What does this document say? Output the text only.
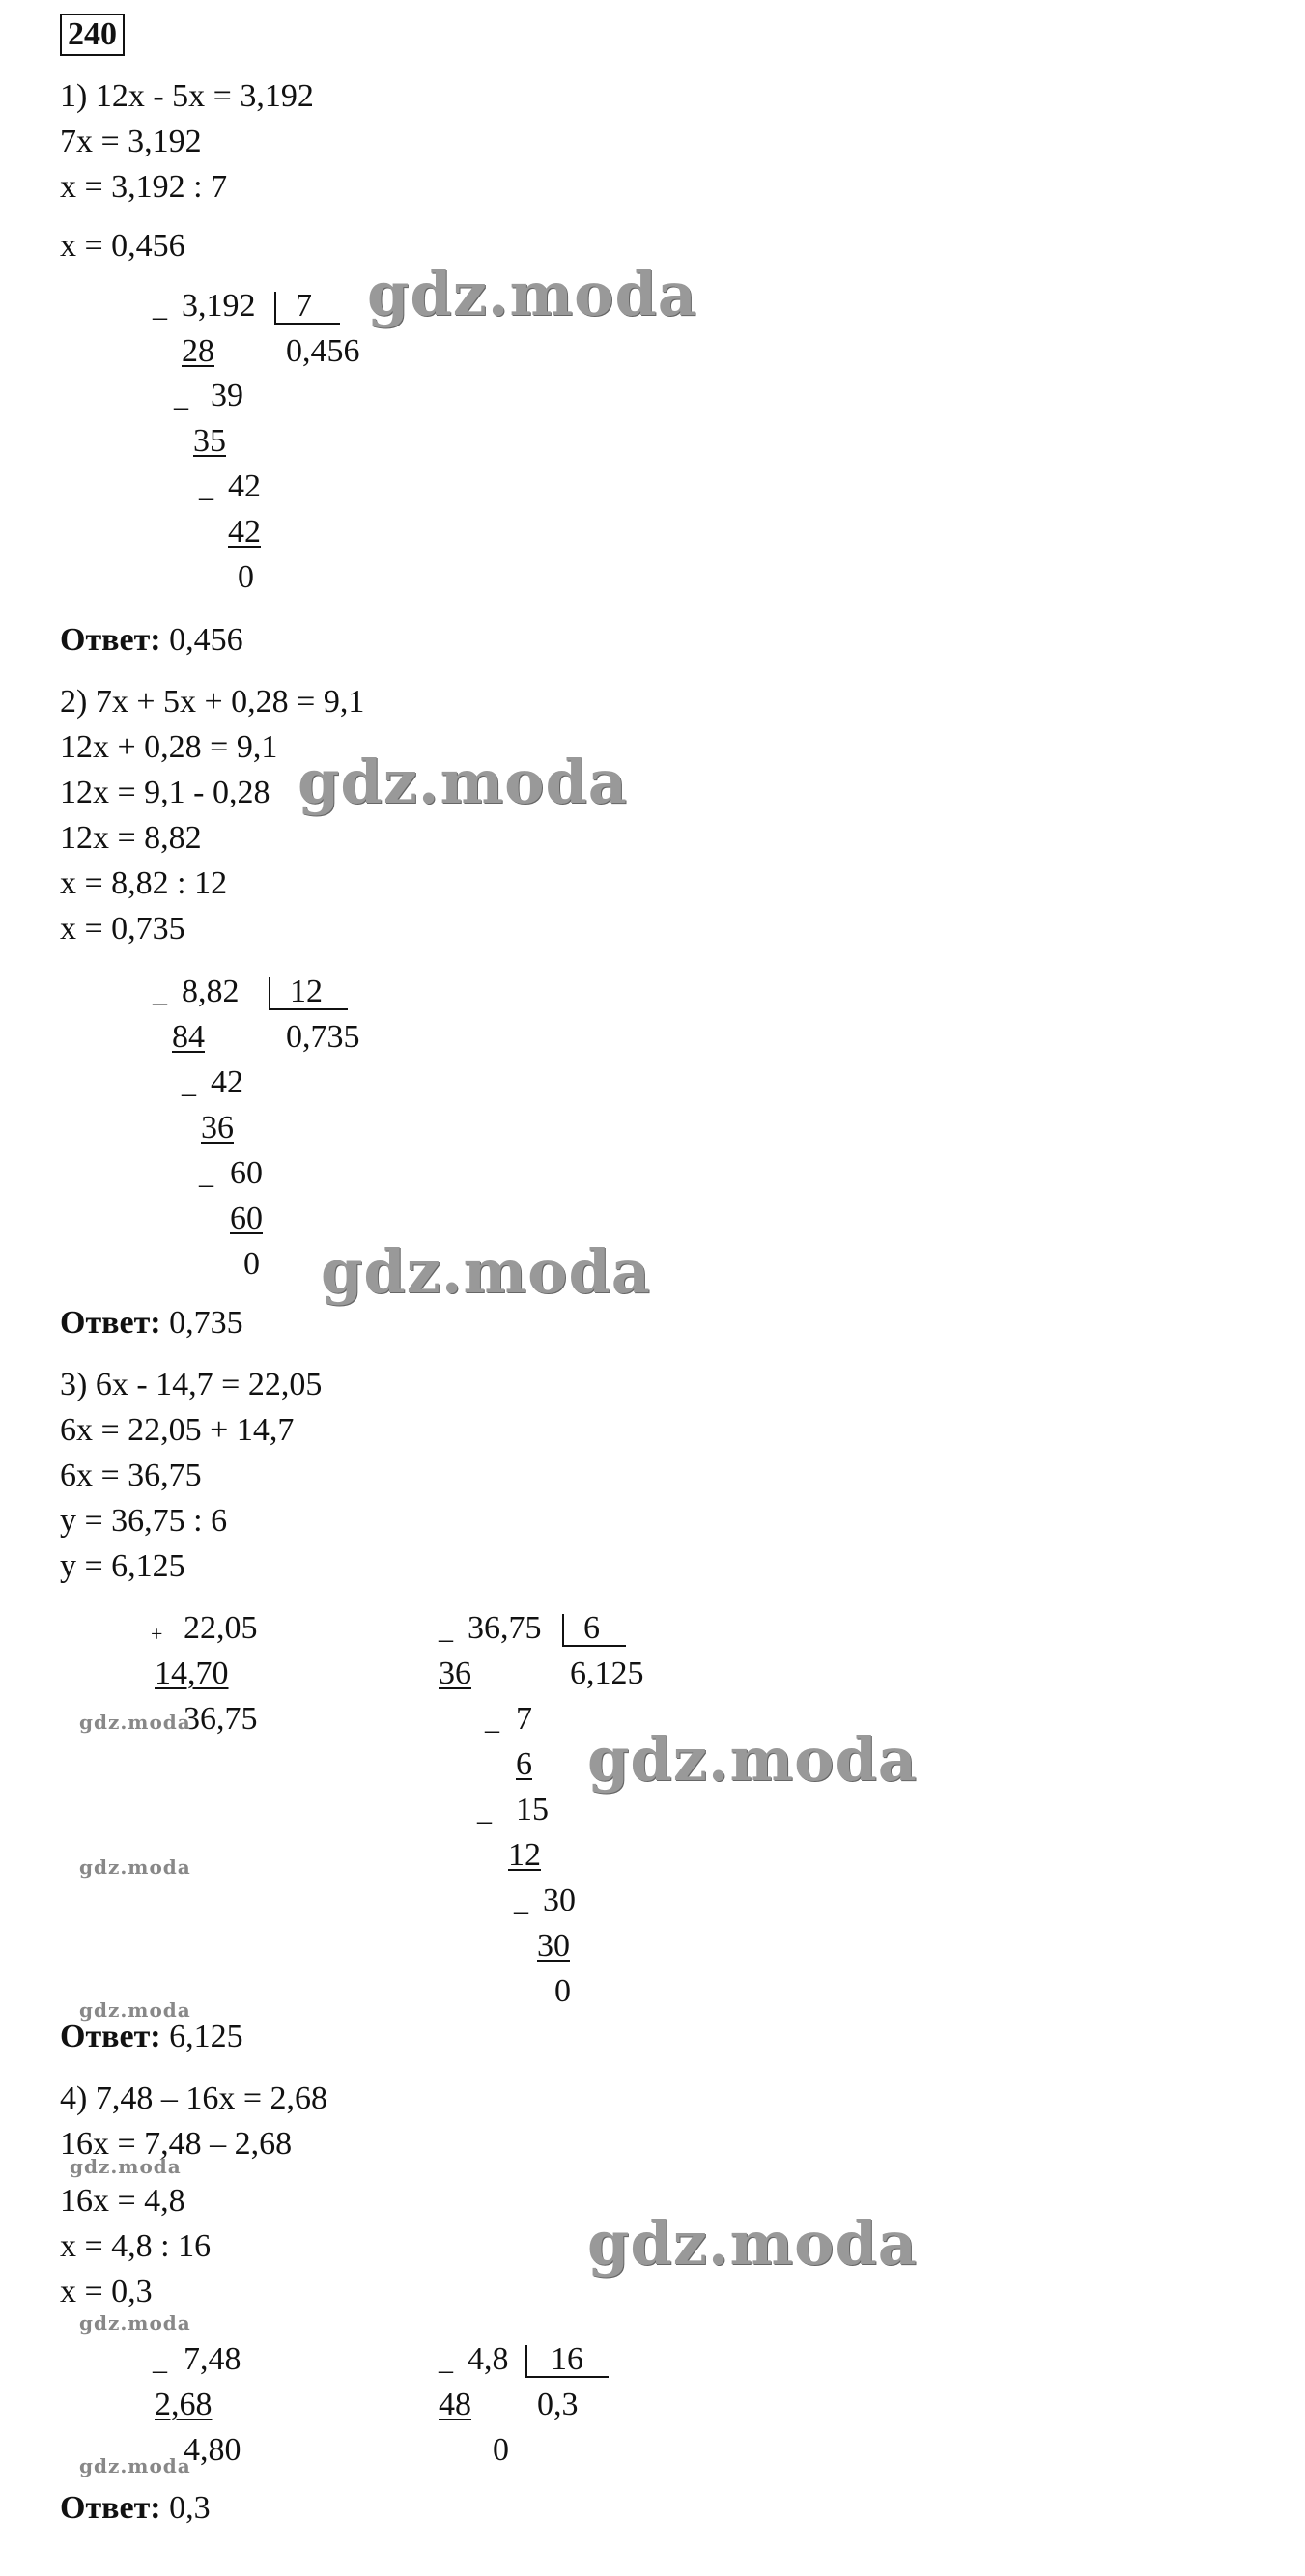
240
1) 12x - 5x = 3,192
7x = 3,192
x = 3,192 : 7
x = 0,456
_ 3,192 7
0,456
28
_ 39
35
_ 42
42
0
Ответ: 0,456
2) 7x + 5x + 0,28 = 9,1
12x + 0,28 = 9,1
12x = 9,1 - 0,28
12x = 8,82
x = 8,82 : 12
x = 0,735
_ 8,82 12
0,735
84
_ 42
36
_ 60
60
0
Ответ: 0,735
3) 6x - 14,7 = 22,05
6x = 22,05 + 14,7
6x = 36,75
y = 36,75 : 6
y = 6,125
+ 22,05
14,70
36,75
_ 36,75 6
6,125
36
_ 7
6
_ 15
12
_ 30
30
0
Ответ: 6,125
4) 7,48 – 16x = 2,68
16x = 7,48 – 2,68
16x = 4,8
x = 4,8 : 16
x = 0,3
_ 7,48
2,68
4,80
_ 4,8 16
0,3
48
0
Ответ: 0,3
gdz.moda
gdz.moda
gdz.moda
gdz.moda
gdz.moda
gdz.moda
gdz.moda
gdz.moda
gdz.moda
gdz.moda
gdz.moda
